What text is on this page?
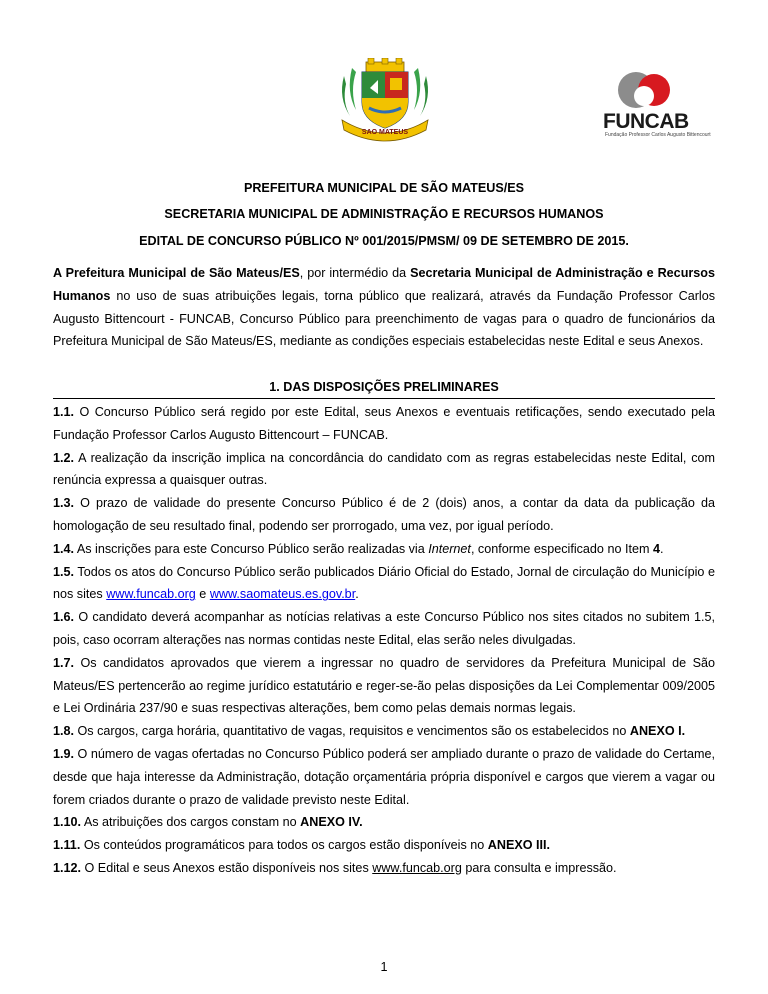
SAO MATEUS	FUNCAB
Fundação Professor Carlos Augusto Bittencourt
PREFEITURA MUNICIPAL DE SÃO MATEUS/ES
SECRETARIA MUNICIPAL DE ADMINISTRAÇÃO E RECURSOS HUMANOS
EDITAL DE CONCURSO PÚBLICO Nº 001/2015/PMSM/ 09 DE SETEMBRO DE 2015.

A Prefeitura Municipal de São Mateus/ES, por intermédio da Secretaria Municipal de Administração e Recursos Humanos no uso de suas atribuições legais, torna público que realizará, através da Fundação Professor Carlos Augusto Bittencourt - FUNCAB, Concurso Público para preenchimento de vagas para o quadro de funcionários da Prefeitura Municipal de São Mateus/ES, mediante as condições especiais estabelecidas neste Edital e seus Anexos.

1. DAS DISPOSIÇÕES PRELIMINARES

1.1. O Concurso Público será regido por este Edital, seus Anexos e eventuais retificações, sendo executado pela Fundação Professor Carlos Augusto Bittencourt – FUNCAB.

1.2. A realização da inscrição implica na concordância do candidato com as regras estabelecidas neste Edital, com renúncia expressa a quaisquer outras.

1.3. O prazo de validade do presente Concurso Público é de 2 (dois) anos, a contar da data da publicação da homologação de seu resultado final, podendo ser prorrogado, uma vez, por igual período.

1.4. As inscrições para este Concurso Público serão realizadas via Internet, conforme especificado no Item 4.

1.5. Todos os atos do Concurso Público serão publicados Diário Oficial do Estado, Jornal de circulação do Município e nos sites www.funcab.org e www.saomateus.es.gov.br.

1.6. O candidato deverá acompanhar as notícias relativas a este Concurso Público nos sites citados no subitem 1.5, pois, caso ocorram alterações nas normas contidas neste Edital, elas serão neles divulgadas.

1.7. Os candidatos aprovados que vierem a ingressar no quadro de servidores da Prefeitura Municipal de São Mateus/ES pertencerão ao regime jurídico estatutário e reger-se-ão pelas disposições da Lei Complementar 009/2005 e Lei Ordinária 237/90 e suas respectivas alterações, bem como pelas demais normas legais.

1.8. Os cargos, carga horária, quantitativo de vagas, requisitos e vencimentos são os estabelecidos no ANEXO I.

1.9. O número de vagas ofertadas no Concurso Público poderá ser ampliado durante o prazo de validade do Certame, desde que haja interesse da Administração, dotação orçamentária própria disponível e cargos que vierem a vagar ou forem criados durante o prazo de validade previsto neste Edital.

1.10. As atribuições dos cargos constam no ANEXO IV.

1.11. Os conteúdos programáticos para todos os cargos estão disponíveis no ANEXO III.

1.12. O Edital e seus Anexos estão disponíveis nos sites www.funcab.org para consulta e impressão.

1
